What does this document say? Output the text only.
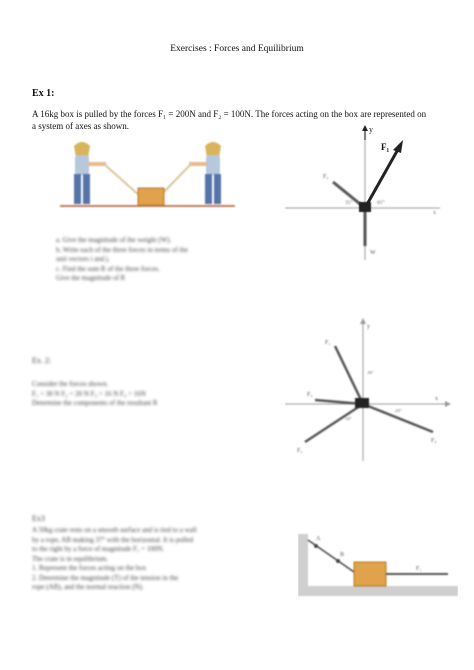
Exercises : Forces and Equilibrium
Ex 1:
A 16kg box is pulled by the forces F₁ = 200N and F₂ = 100N. The forces acting on the box are represented on a system of axes as shown.	y
x
F₁
F₂
W
35°	65°
a. Give the magnitude of the weight (W).
b. Write each of the three forces in terms of the
unit vectors i and j.
c. Find the sum R of the three forces.
Give the magnitude of R
Ex. 2:
Consider the forces shown.
F₁ = 30 N F₂ = 20 N F₃ = 16 N F₄ = 16N
Determine the components of the resultant R
F₁
F₂
F₃
F₄
y
x
30°
50°
20°
Ex3
A 50kg crate rests on a smooth surface and is tied to a wall
by a rope, AB making 37° with the horizontal. It is pulled
to the right by a force of magnitude F₁ = 100N.
The crate is in equilibrium.
1. Represent the forces acting on the box
2. Determine the magnitude (T) of the tension in the
rope (AB), and the normal reaction (N).
A
B
F₁
